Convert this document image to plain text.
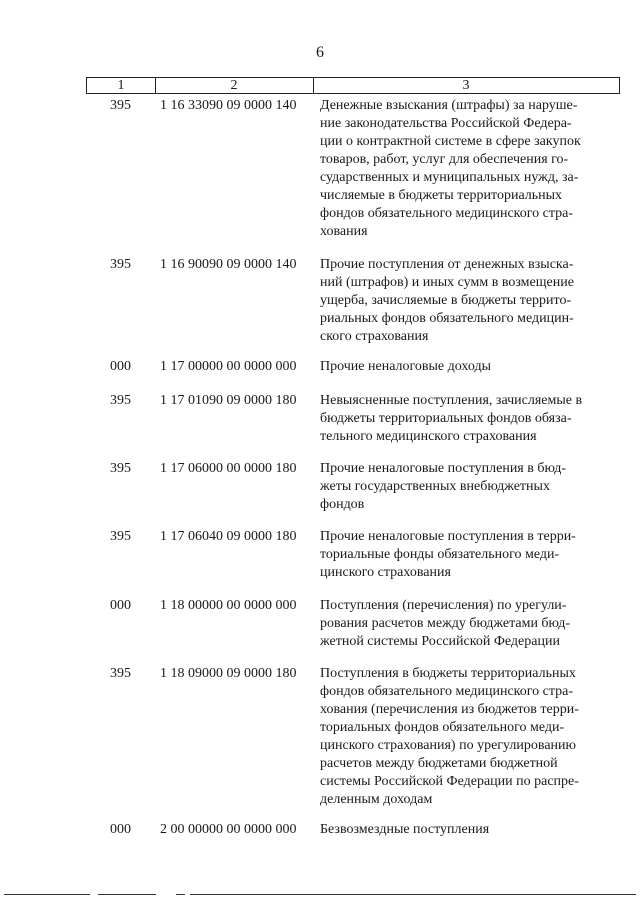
6
1	2	3
395 1 16 33090 09 0000 140 Денежные взыскания (штрафы) за наруше-
ние законодательства Российской Федера-
ции о контрактной системе в сфере закупок
товаров, работ, услуг для обеспечения го-
сударственных и муниципальных нужд, за-
числяемые в бюджеты территориальных
фондов обязательного медицинского стра-
хования
395 1 16 90090 09 0000 140 Прочие поступления от денежных взыска-
ний (штрафов) и иных сумм в возмещение
ущерба, зачисляемые в бюджеты террито-
риальных фондов обязательного медицин-
ского страхования
000 1 17 00000 00 0000 000 Прочие неналоговые доходы
395 1 17 01090 09 0000 180 Невыясненные поступления, зачисляемые в
бюджеты территориальных фондов обяза-
тельного медицинского страхования
395 1 17 06000 00 0000 180 Прочие неналоговые поступления в бюд-
жеты государственных внебюджетных
фондов
395 1 17 06040 09 0000 180 Прочие неналоговые поступления в терри-
ториальные фонды обязательного меди-
цинского страхования
000 1 18 00000 00 0000 000 Поступления (перечисления) по урегули-
рования расчетов между бюджетами бюд-
жетной системы Российской Федерации
395 1 18 09000 09 0000 180 Поступления в бюджеты территориальных
фондов обязательного медицинского стра-
хования (перечисления из бюджетов терри-
ториальных фондов обязательного меди-
цинского страхования) по урегулированию
расчетов между бюджетами бюджетной
системы Российской Федерации по распре-
деленным доходам
000 2 00 00000 00 0000 000 Безвозмездные поступления
